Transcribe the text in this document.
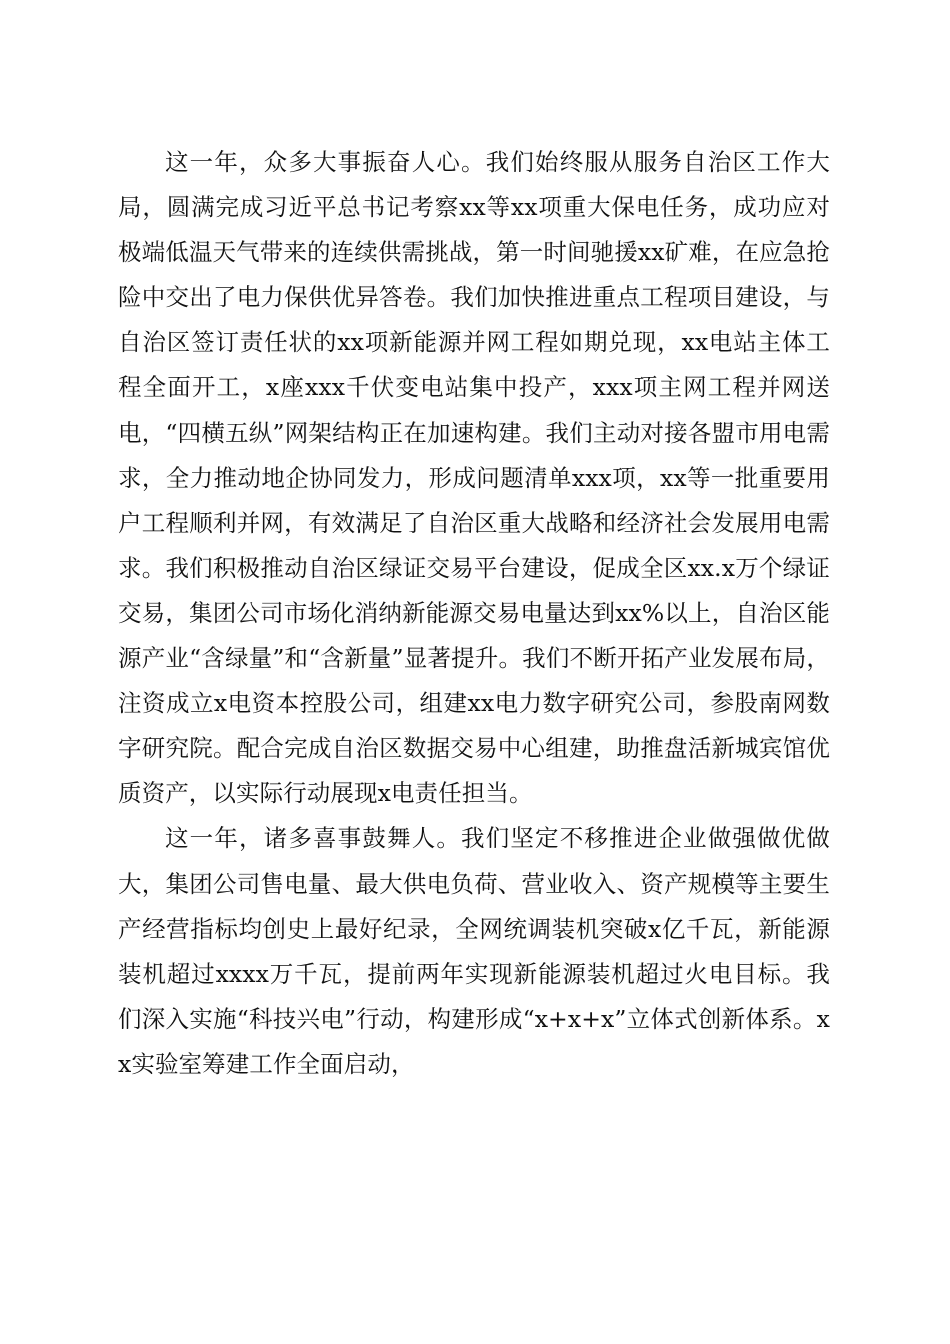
这一年，众多大事振奋人心。我们始终服从服务自治区工作大局，圆满完成习近平总书记考察xx等xx项重大保电任务，成功应对极端低温天气带来的连续供需挑战，第一时间驰援xx矿难，在应急抢险中交出了电力保供优异答卷。我们加快推进重点工程项目建设，与自治区签订责任状的xx项新能源并网工程如期兑现，xx电站主体工程全面开工，x座xxx千伏变电站集中投产，xxx项主网工程并网送电，“四横五纵”网架结构正在加速构建。我们主动对接各盟市用电需求，全力推动地企协同发力，形成问题清单xxx项，xx等一批重要用户工程顺利并网，有效满足了自治区重大战略和经济社会发展用电需求。我们积极推动自治区绿证交易平台建设，促成全区xx.x万个绿证交易，集团公司市场化消纳新能源交易电量达到xx%以上，自治区能源产业“含绿量”和“含新量”显著提升。我们不断开拓产业发展布局，注资成立x电资本控股公司，组建xx电力数字研究公司，参股南网数字研究院。配合完成自治区数据交易中心组建，助推盘活新城宾馆优质资产，以实际行动展现x电责任担当。

这一年，诸多喜事鼓舞人。我们坚定不移推进企业做强做优做大，集团公司售电量、最大供电负荷、营业收入、资产规模等主要生产经营指标均创史上最好纪录，全网统调装机突破x亿千瓦，新能源装机超过xxxx万千瓦，提前两年实现新能源装机超过火电目标。我们深入实施“科技兴电”行动，构建形成“x+x+x”立体式创新体系。xx实验室筹建工作全面启动，
